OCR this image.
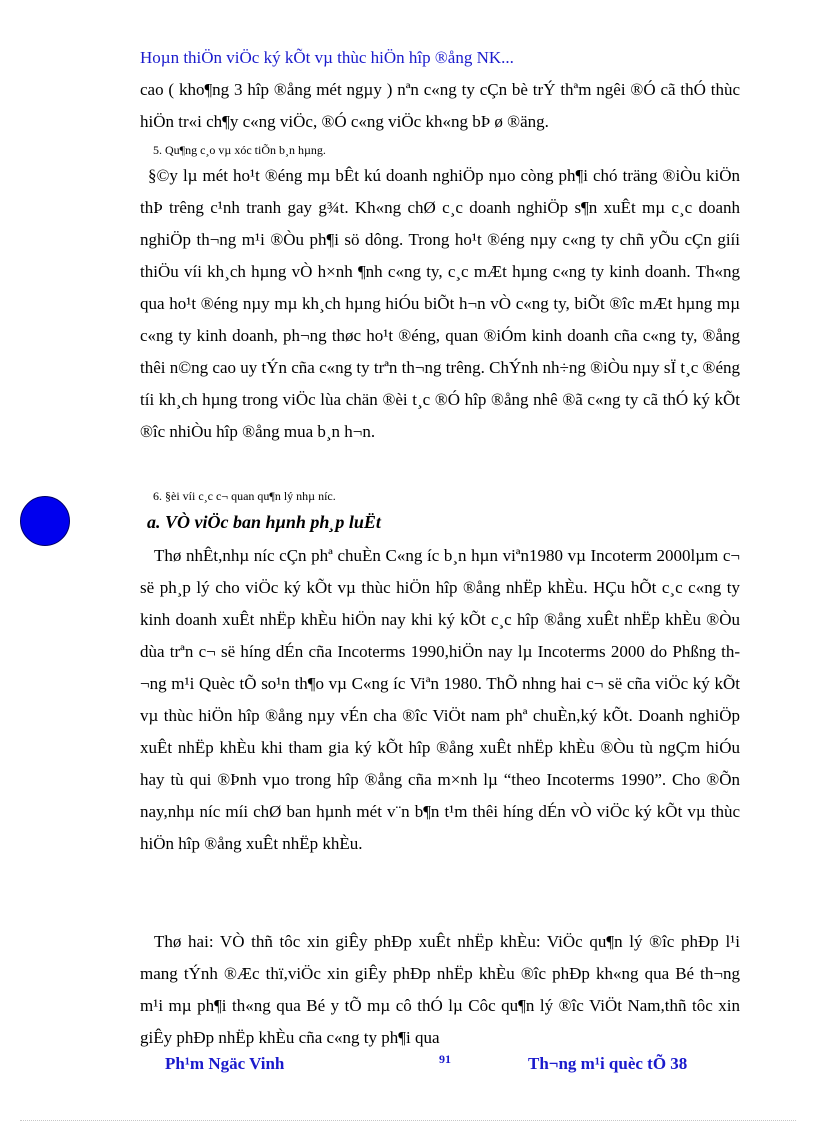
Hoµn thiÖn viÖc ký kÕt vµ thùc hiÖn hîp ®ång NK...
cao ( kho¶ng 3 hîp ®ång mét ngµy ) nªn c«ng ty cÇn bè trÝ thªm ngêi ®Ó cã thÓ thùc hiÖn tr«i ch¶y c«ng viÖc, ®Ó c«ng viÖc kh«ng bÞ ø ®äng.
5. Qu¶ng c¸o vµ xóc tiÕn b¸n hµng.
§©y lµ mét ho¹t ®éng mµ bÊt kú doanh nghiÖp nµo còng ph¶i chó träng ®iÒu kiÖn thÞ trêng c¹nh tranh gay g¾t. Kh«ng chØ c¸c doanh nghiÖp s¶n xuÊt mµ c¸c doanh nghiÖp th¬ng m¹i ®Òu ph¶i sö dông. Trong ho¹t ®éng nµy c«ng ty chñ yÕu cÇn giíi thiÖu víi kh¸ch hµng vÒ h×nh ¶nh c«ng ty, c¸c mÆt hµng c«ng ty kinh doanh. Th«ng qua ho¹t ®éng nµy mµ kh¸ch hµng hiÓu biÕt h¬n vÒ c«ng ty, biÕt ®îc mÆt hµng mµ c«ng ty kinh doanh, ph¬ng thøc ho¹t ®éng, quan ®iÓm kinh doanh cña c«ng ty, ®ång thêi n©ng cao uy tÝn cña c«ng ty trªn th¬ng trêng. ChÝnh nh÷ng ®iÒu nµy sÏ t¸c ®éng tíi kh¸ch hµng trong viÖc lùa chän ®èi t¸c ®Ó hîp ®ång nhê ®ã c«ng ty cã thÓ ký kÕt ®îc nhiÒu hîp ®ång mua b¸n h¬n.
6. §èi víi c¸c c¬ quan qu¶n lý nhµ níc.
a. VÒ viÖc ban hµnh ph¸p luËt
Thø nhÊt,nhµ níc cÇn phª chuÈn C«ng íc b¸n hµn viªn1980 vµ Incoterm 2000lµm c¬ së ph¸p lý cho viÖc ký kÕt vµ thùc hiÖn hîp ®ång nhËp khÈu. HÇu hÕt c¸c c«ng ty kinh doanh xuÊt nhËp khÈu hiÖn nay khi ký kÕt c¸c hîp ®ång xuÊt nhËp khÈu ®Òu dùa trªn c¬ së híng dÉn cña Incoterms 1990,hiÖn nay lµ Incoterms 2000 do Phßng th¬ng m¹i Quèc tÕ so¹n th¶o vµ C«ng íc Viªn 1980. ThÕ nhng hai c¬ së cña viÖc ký kÕt vµ thùc hiÖn hîp ®ång nµy vÉn cha ®îc ViÖt nam phª chuÈn,ký kÕt. Doanh nghiÖp xuÊt nhËp khÈu khi tham gia ký kÕt hîp ®ång xuÊt nhËp khÈu ®Òu tù ngÇm hiÓu hay tù qui ®Þnh vµo trong hîp ®ång cña m×nh lµ “theo Incoterms 1990”. Cho ®Õn nay,nhµ níc míi chØ ban hµnh mét v¨n b¶n t¹m thêi híng dÉn vÒ viÖc ký kÕt vµ thùc hiÖn hîp ®ång xuÊt nhËp khÈu.
Thø hai: VÒ thñ tôc xin giÊy phÐp xuÊt nhËp khÈu: ViÖc qu¶n lý ®îc phÐp l¹i mang tÝnh ®Æc thï,viÖc xin giÊy phÐp nhËp khÈu ®îc phÐp kh«ng qua Bé th¬ng m¹i mµ ph¶i th«ng qua Bé y tÕ mµ cô thÓ lµ Côc qu¶n lý ®îc ViÖt Nam,thñ tôc xin giÊy phÐp nhËp khÈu cña c«ng ty ph¶i qua
Ph¹m Ngäc Vinh	91	Th¬ng m¹i quèc tÕ 38
